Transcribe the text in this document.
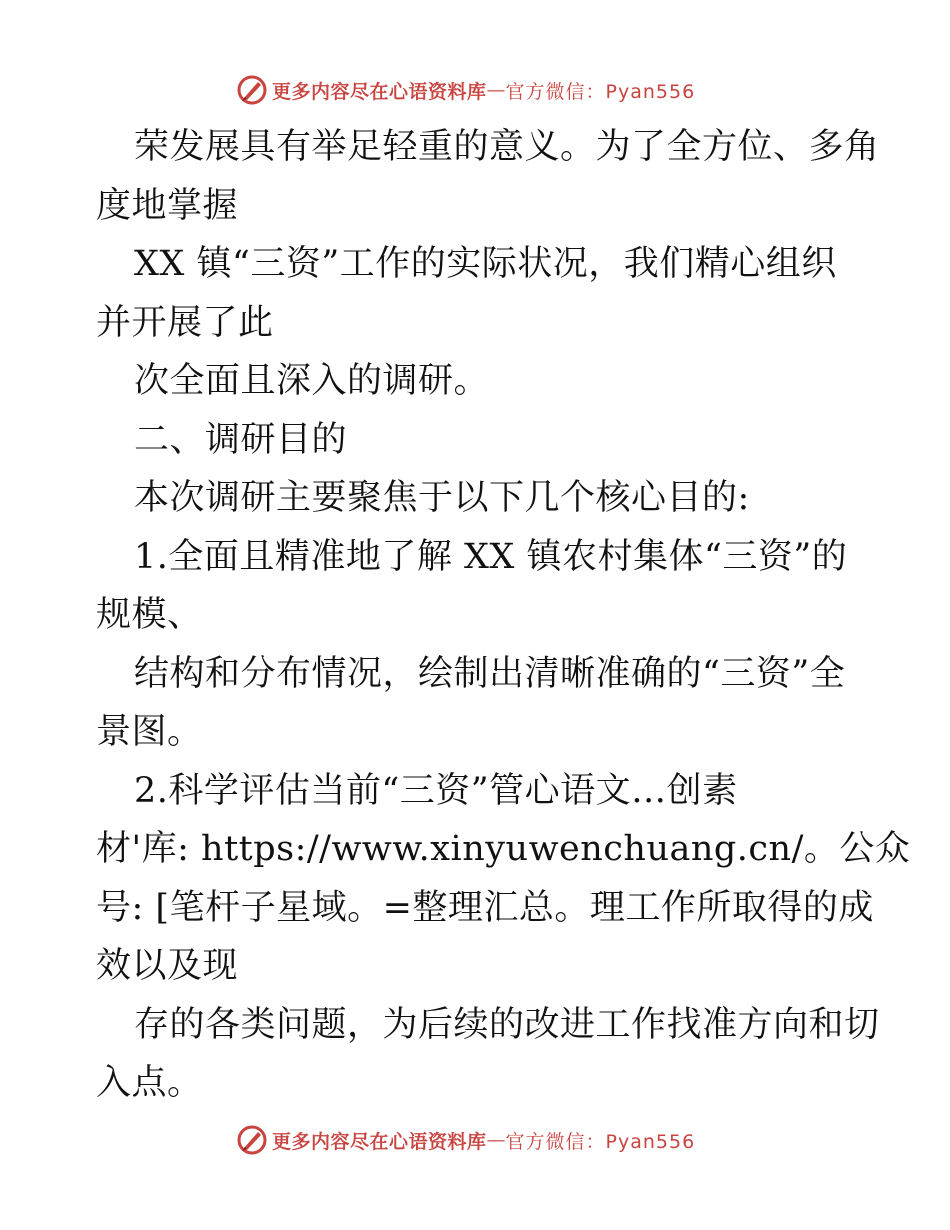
更多内容尽在心语资料库 — 官方微信：Pyan556
荣发展具有举足轻重的意义。为了全方位、多角
度地掌握
XX 镇“三资”工作的实际状况，我们精心组织
并开展了此
次全面且深入的调研。
二、调研目的
本次调研主要聚焦于以下几个核心目的:
1.全面且精准地了解 XX 镇农村集体“三资”的
规模、
结构和分布情况，绘制出清晰准确的“三资”全
景图。
2.科学评估当前“三资”管心语文…创素
材'库: https://www.xinyuwenchuang.cn/。公众
号: [笔杆子星域。=整理汇总。理工作所取得的成
效以及现
存的各类问题，为后续的改进工作找准方向和切
入点。
更多内容尽在心语资料库 — 官方微信：Pyan556
